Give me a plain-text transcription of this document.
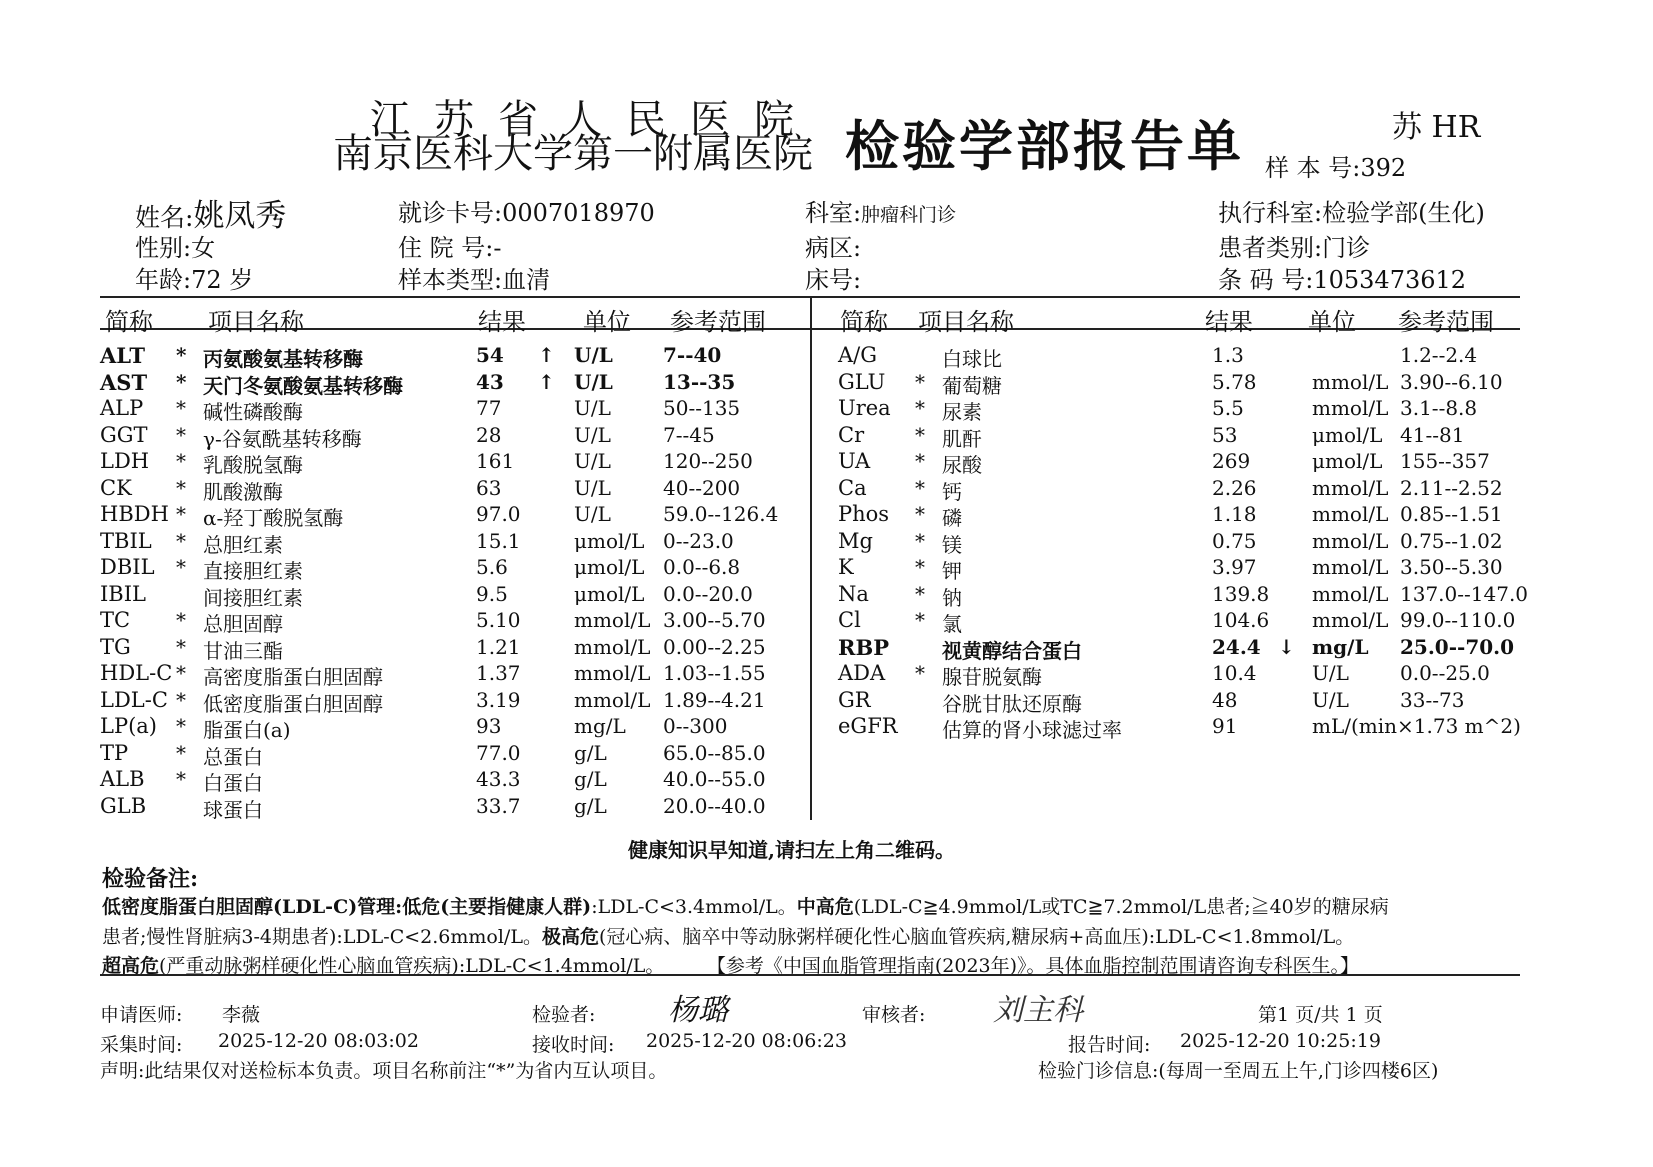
江苏省人民医院
南京医科大学第一附属医院 检验学部报告单	苏 HR
样 本 号:392
姓名:姚凤秀
性别:女
年龄:72 岁
就诊卡号:0007018970
住 院 号:-
样本类型:血清
科室:肿瘤科门诊
病区:
床号:
执行科室:检验学部(生化)
患者类别:门诊
条 码 号:1053473612
简称 项目名称	结果 单位 参考范围	简称 项目名称	结果 单位 参考范围
ALT * 丙氨酸氨基转移酶	54 ↑ U/L	7--40
AST * 天门冬氨酸氨基转移酶	43 ↑ U/L	13--35
ALP * 碱性磷酸酶	77	U/L	50--135
GGT * γ-谷氨酰基转移酶	28	U/L	7--45
LDH * 乳酸脱氢酶	161	U/L	120--250
CK * 肌酸激酶	63	U/L	40--200
HBDH * α-羟丁酸脱氢酶	97.0	U/L	59.0--126.4
TBIL * 总胆红素	15.1	μmol/L 0--23.0
DBIL * 直接胆红素	5.6	μmol/L 0.0--6.8
IBIL	间接胆红素	9.5	μmol/L 0.0--20.0
TC * 总胆固醇	5.10	mmol/L 3.00--5.70
TG * 甘油三酯	1.21	mmol/L 0.00--2.25
HDL-C * 高密度脂蛋白胆固醇	1.37	mmol/L 1.03--1.55
LDL-C * 低密度脂蛋白胆固醇	3.19	mmol/L 1.89--4.21
LP(a) * 脂蛋白(a)	93	mg/L 0--300
TP * 总蛋白	77.0	g/L	65.0--85.0
ALB * 白蛋白	43.3	g/L	40.0--55.0
GLB	球蛋白	33.7	g/L	20.0--40.0
A/G	白球比	1.3	1.2--2.4
GLU * 葡萄糖	5.78	mmol/L 3.90--6.10
Urea * 尿素	5.5	mmol/L 3.1--8.8
Cr	* 肌酐	53	μmol/L 41--81
UA * 尿酸	269	μmol/L 155--357
Ca * 钙	2.26	mmol/L 2.11--2.52
Phos * 磷	1.18	mmol/L 0.85--1.51
Mg * 镁	0.75	mmol/L 0.75--1.02
K	* 钾	3.97	mmol/L 3.50--5.30
Na * 钠	139.8 mmol/L 137.0--147.0
Cl	* 氯	104.6 mmol/L 99.0--110.0
RBP	视黄醇结合蛋白	24.4 ↓ mg/L 25.0--70.0
ADA * 腺苷脱氨酶	10.4	U/L	0.0--25.0
GR	谷胱甘肽还原酶	48	U/L	33--73
eGFR 估算的肾小球滤过率	91	mL/(min×1.73 m^2)
健康知识早知道,请扫左上角二维码。
检验备注:
低密度脂蛋白胆固醇(LDL-C)管理:低危(主要指健康人群):LDL-C<3.4mmol/L。中高危(LDL-C≧4.9mmol/L或TC≧7.2mmol/L患者;≧40岁的糖尿病
患者;慢性肾脏病3-4期患者):LDL-C<2.6mmol/L。极高危(冠心病、脑卒中等动脉粥样硬化性心脑血管疾病,糖尿病+高血压):LDL-C<1.8mmol/L。
超高危(严重动脉粥样硬化性心脑血管疾病):LDL-C<1.4mmol/L。	【参考《中国血脂管理指南(2023年)》。具体血脂控制范围请咨询专科医生。】
申请医师: 李薇	检验者: 杨璐	审核者: 刘主科	第1 页/共 1 页
采集时间: 2025-12-20 08:03:02	接收时间: 2025-12-20 08:06:23	报告时间: 2025-12-20 10:25:19
声明:此结果仅对送检标本负责。项目名称前注“*”为省内互认项目。	检验门诊信息:(每周一至周五上午,门诊四楼6区)
